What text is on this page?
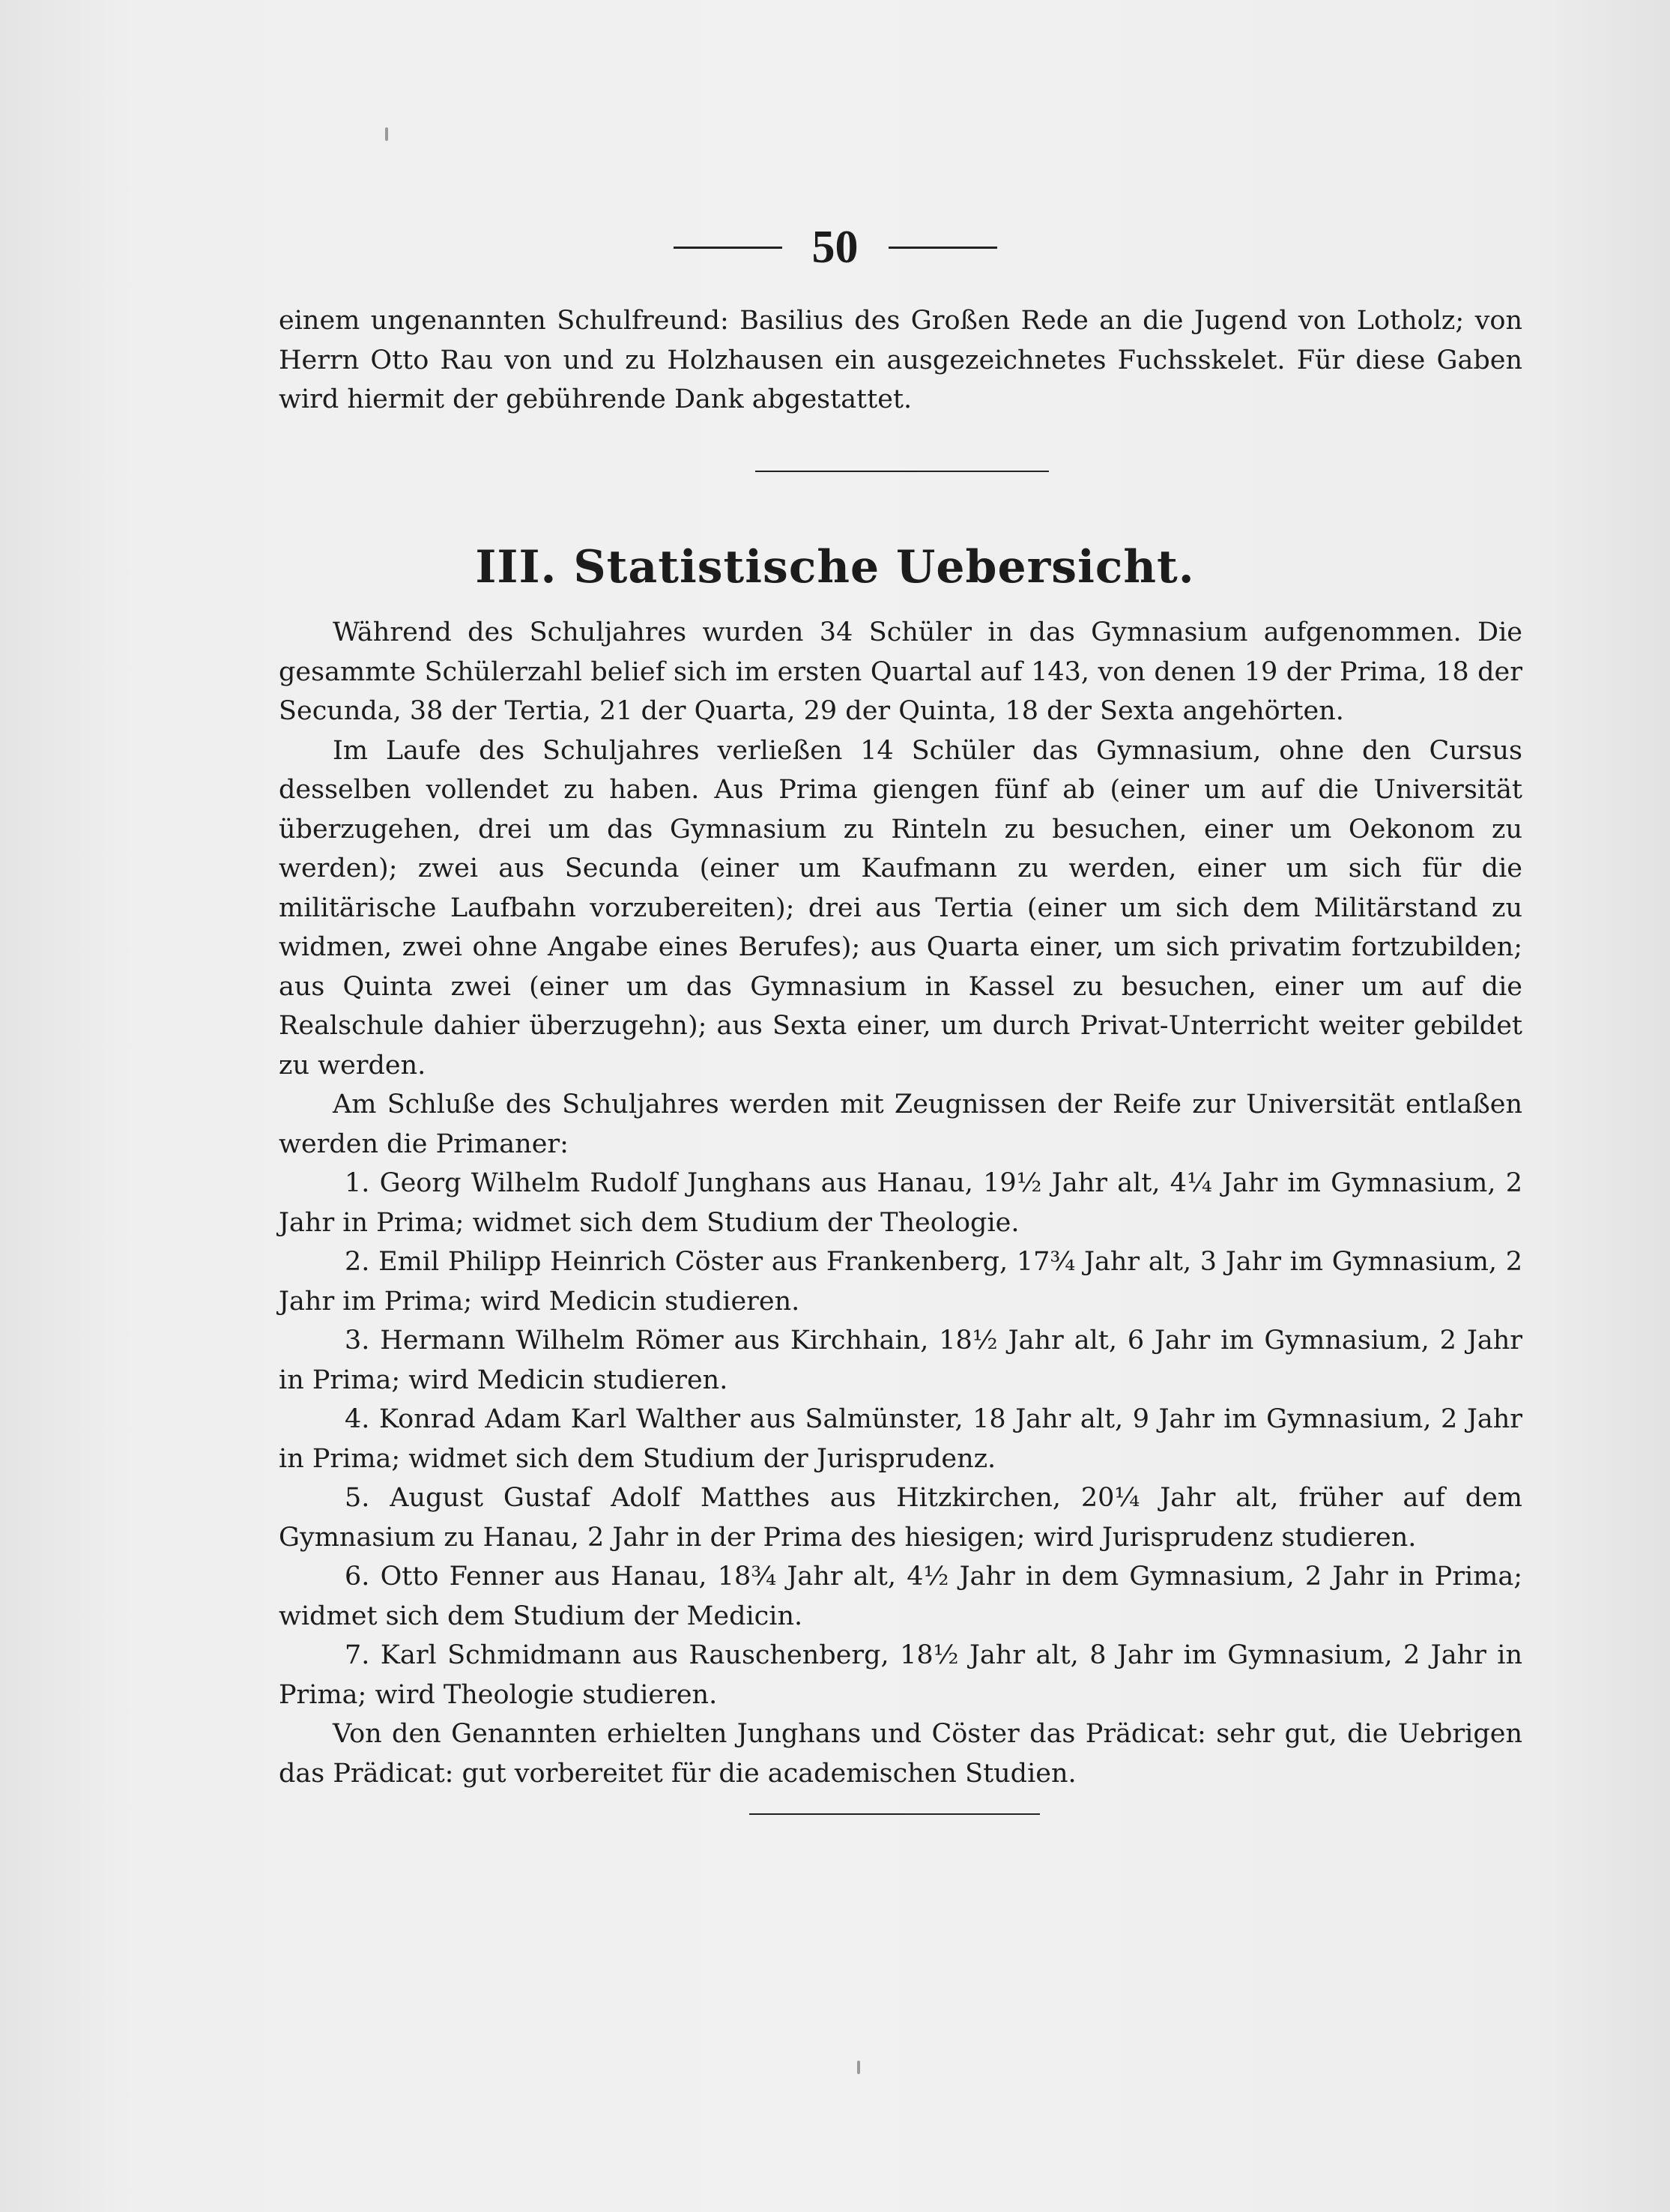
50

einem ungenannten Schulfreund: Basilius des Großen Rede an die Jugend von Lotholz; von Herrn Otto Rau von und zu Holzhausen ein ausgezeichnetes Fuchsskelet. Für diese Gaben wird hiermit der gebührende Dank abgestattet.

III. Statistische Uebersicht.

Während des Schuljahres wurden 34 Schüler in das Gymnasium aufgenommen. Die gesammte Schülerzahl belief sich im ersten Quartal auf 143, von denen 19 der Prima, 18 der Secunda, 38 der Tertia, 21 der Quarta, 29 der Quinta, 18 der Sexta angehörten.

Im Laufe des Schuljahres verließen 14 Schüler das Gymnasium, ohne den Cursus desselben vollendet zu haben. Aus Prima giengen fünf ab (einer um auf die Universität überzugehen, drei um das Gymnasium zu Rinteln zu besuchen, einer um Oekonom zu werden); zwei aus Secunda (einer um Kaufmann zu werden, einer um sich für die militärische Laufbahn vorzubereiten); drei aus Tertia (einer um sich dem Militärstand zu widmen, zwei ohne Angabe eines Berufes); aus Quarta einer, um sich privatim fortzubilden; aus Quinta zwei (einer um das Gymnasium in Kassel zu besuchen, einer um auf die Realschule dahier überzugehn); aus Sexta einer, um durch Privat-Unterricht weiter gebildet zu werden.

Am Schluße des Schuljahres werden mit Zeugnissen der Reife zur Universität entlaßen werden die Primaner:

1. Georg Wilhelm Rudolf Junghans aus Hanau, 19½ Jahr alt, 4¼ Jahr im Gymnasium, 2 Jahr in Prima; widmet sich dem Studium der Theologie.

2. Emil Philipp Heinrich Cöster aus Frankenberg, 17¾ Jahr alt, 3 Jahr im Gymnasium, 2 Jahr im Prima; wird Medicin studieren.

3. Hermann Wilhelm Römer aus Kirchhain, 18½ Jahr alt, 6 Jahr im Gymnasium, 2 Jahr in Prima; wird Medicin studieren.

4. Konrad Adam Karl Walther aus Salmünster, 18 Jahr alt, 9 Jahr im Gymnasium, 2 Jahr in Prima; widmet sich dem Studium der Jurisprudenz.

5. August Gustaf Adolf Matthes aus Hitzkirchen, 20¼ Jahr alt, früher auf dem Gymnasium zu Hanau, 2 Jahr in der Prima des hiesigen; wird Jurisprudenz studieren.

6. Otto Fenner aus Hanau, 18¾ Jahr alt, 4½ Jahr in dem Gymnasium, 2 Jahr in Prima; widmet sich dem Studium der Medicin.

7. Karl Schmidmann aus Rauschenberg, 18½ Jahr alt, 8 Jahr im Gymnasium, 2 Jahr in Prima; wird Theologie studieren.

Von den Genannten erhielten Junghans und Cöster das Prädicat: sehr gut, die Uebrigen das Prädicat: gut vorbereitet für die academischen Studien.
